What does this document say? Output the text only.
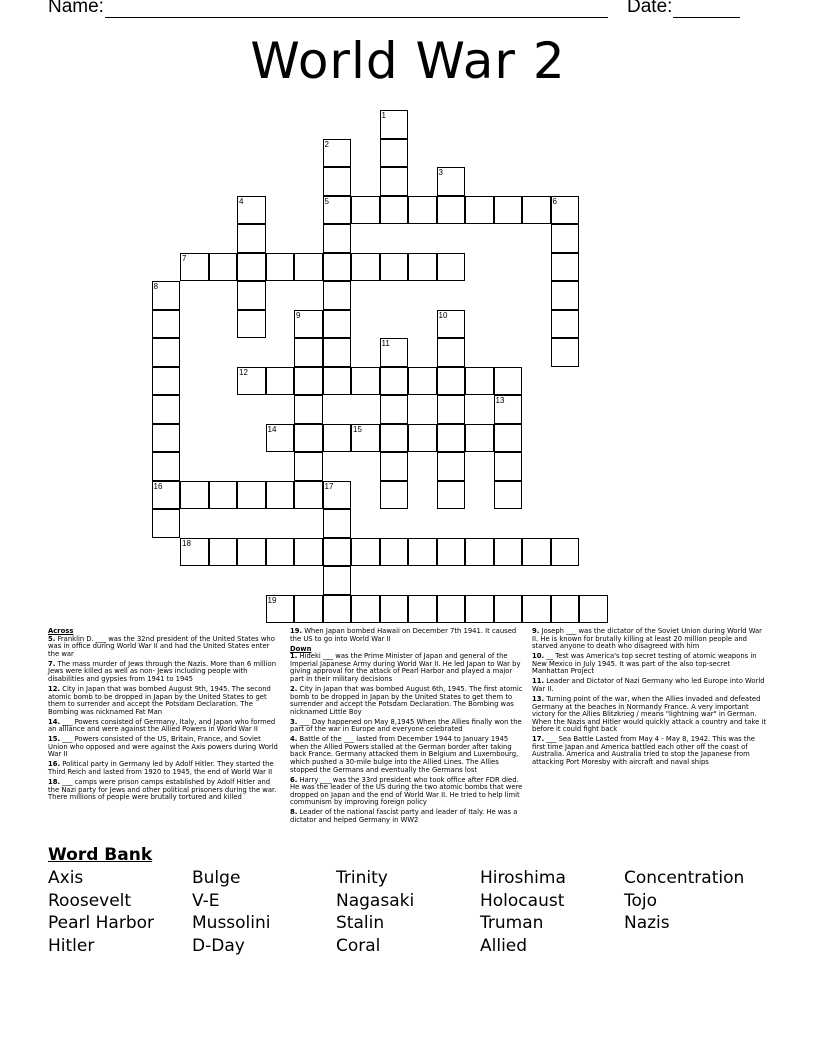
Name:	Date:
World War 2
1
2
5
3
4	6
7
8
16
9	10
11
12
13
14	15
17
18
19

Across

5. Franklin D. ___ was the 32nd president of the United States who was in office during World War II and had the United States enter the war

7. The mass murder of Jews through the Nazis. More than 6 million Jews were killed as well as non- Jews including people with disabilities and gypsies from 1941 to 1945

12. City in Japan that was bombed August 9th, 1945. The second atomic bomb to be dropped in Japan by the United States to get them to surrender and accept the Potsdam Declaration. The Bombing was nicknamed Fat Man

14. ___ Powers consisted of Germany, Italy, and Japan who formed an alliance and were against the Allied Powers in World War II

15. ___ Powers consisted of the US, Britain, France, and Soviet Union who opposed and were against the Axis powers during World War II

16. Political party in Germany led by Adolf Hitler. They started the Third Reich and lasted from 1920 to 1945, the end of World War II

18. ___ camps were prison camps established by Adolf Hitler and the Nazi party for Jews and other political prisoners during the war. There millions of people were brutally tortured and killed

19. When Japan bombed Hawaii on December 7th 1941. It caused the US to go into World War II

Down

1. Hideki ___ was the Prime Minister of Japan and general of the Imperial Japanese Army during World War II. He led Japan to War by giving approval for the attack of Pearl Harbor and played a major part in their military decisions

2. City in Japan that was bombed August 6th, 1945. The first atomic bomb to be dropped in Japan by the United States to get them to surrender and accept the Potsdam Declaration. The Bombing was nicknamed Little Boy

3. ___ Day happened on May 8,1945 When the Allies finally won the part of the war in Europe and everyone celebrated

4. Battle of the ___ lasted from December 1944 to January 1945 when the Allied Powers stalled at the German border after taking back France. Germany attacked them in Belgium and Luxembourg, which pushed a 30-mile bulge into the Allied Lines. The Allies stopped the Germans and eventually the Germans lost

6. Harry ___ was the 33rd president who took office after FDR died. He was the leader of the US during the two atomic bombs that were dropped on Japan and the end of World War II. He tried to help limit communism by improving foreign policy

8. Leader of the national fascist party and leader of Italy. He was a dictator and helped Germany in WW2

9. Joseph ___ was the dictator of the Soviet Union during World War II. He is known for brutally killing at least 20 million people and starved anyone to death who disagreed with him

10. __ Test was America's top secret testing of atomic weapons in New Mexico in July 1945. It was part of the also top-secret Manhattan Project

11. Leader and Dictator of Nazi Germany who led Europe into World War II.

13. Turning point of the war, when the Allies invaded and defeated Germany at the beaches in Normandy France. A very important victory for the Allies Blitzkrieg / means "lightning war" in German. When the Nazis and Hitler would quickly attack a country and take it before it could fight back

17. ___ Sea Battle Lasted from May 4 - May 8, 1942. This was the first time Japan and America battled each other off the coast of Australia. America and Australia tried to stop the Japanese from attacking Port Moresby with aircraft and naval ships

Word Bank
Axis
Roosevelt
Pearl Harbor
Hitler
Bulge
V-E
Mussolini
D-Day
Trinity
Nagasaki
Stalin
Coral
Hiroshima
Holocaust
Truman
Allied
Concentration
Tojo
Nazis
